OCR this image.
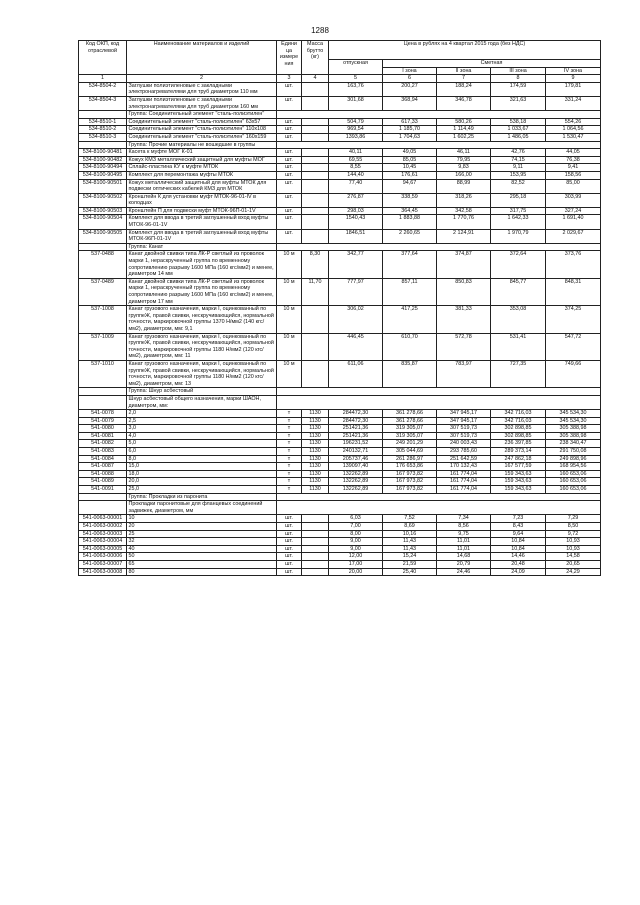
1288
Код ОКП, код отраслевой	Наименование материалов и изделий	Едини ца измере ния	Масса брутто (кг)	Цена в рублях на 4 квартал 2015 года (без НДС)				
				отпускная	Сметная			
					I зона	II зона	III зона	IV зона
1	2	3	4	5	6	7	8	9
534-8504-2	Заглушки полиэтиленовые с закладными электронагревателями для труб диаметром 110 мм	шт.		163,76	200,27	188,24	174,59	179,81
534-8504-3	Заглушки полиэтиленовые с закладными электронагревателями для труб диаметром 160 мм	шт.		301,68	368,94	346,78	321,63	331,24
	Группа: Соединительный элемент "сталь-полиэтилен"							
534-8510-1	Соединительный элемент "сталь-полиэтилен" 63х57	шт.		504,79	617,33	580,26	538,18	554,26
534-8510-2	Соединительный элемент "сталь-полиэтилен" 110х108	шт.		969,54	1 185,70	1 114,49	1 033,67	1 064,56
534-8510-3	Соединительный элемент "сталь-полиэтилен" 160х159	шт.		1393,86	1 704,63	1 602,25	1 486,05	1 530,47
	Группа: Прочие материалы не вошедшие в группы							
534-8100-90481	Касета к муфте МОГ К-01	шт.		40,11	49,05	46,11	42,76	44,05
534-8100-90482	Кожух КМЗ металлический защитный для муфты МОГ	шт.		69,55	85,05	79,95	74,15	76,38
534-8100-90494	Сплайс-пластина КУ к муфте МТОК	шт.		8,55	10,45	9,83	9,11	9,41
534-8100-90495	Комплект для перемонтажа муфты МТОК	шт.		144,40	176,61	166,00	153,95	158,56
534-8100-90501	Кожух металлический защитный для муфты МТОК для подвески оптических кабелей КМЗ для МТОК	шт.		77,40	94,67	88,99	82,52	85,00
534-8100-90502	Кронштейн К для установки муфт МТОК-96-01-IV в колодцах	шт.		276,87	338,59	318,26	295,18	303,99
534-8100-90503	Кронштейн П для подвески муфт МТОК-96П-01-1V	шт.		298,03	364,45	342,58	317,75	327,24
534-8100-90504	Комплект для ввода в третий заглушенный вход муфты МТОК-96-01-1V	шт.		1540,43	1 883,88	1 770,76	1 642,33	1 691,40
534-8100-90505	Комплект для ввода в третий заглушенный вход муфты МТОК-96П-01-1V	шт.		1846,51	2 260,65	2 124,91	1 970,79	2 029,67
	Группа: Канат							
537-0488	Канат двойной свивки типа ЛК-Р светлый из проволок марки 1, нераскрученный группа по временному сопротивлению разрыву 1600 МПа (160 кгс/мм2) и менее, диаметром 14 мм	10 м	8,30	342,77	377,64	374,87	372,64	373,76
537-0489	Канат двойной свивки типа ЛК-Р светлый из проволок марки 1, нераскрученный группа по временному сопротивлению разрыву 1600 МПа (160 кгс/мм2) и менее, диаметром 17 мм	10 м	11,70	777,97	857,11	850,83	845,77	848,31
537-1008	Канат грузового назначения, марки I, оцинкованный по группеЖ, правой свивки, нескручивающийся, нормальной точности, маркировочной группы 1370 Н/мм2 (140 кгс/мм2), диаметром, мм: 9,1	10 м		306,02	417,25	381,33	353,08	374,25
537-1009	Канат грузового назначения, марки I, оцинкованный по группеЖ, правой свивки, нескручивающийся, нормальной точности, маркировочной группы 1180 Н/мм2 (120 кгс/мм2), диаметром, мм: 11	10 м		446,45	610,70	572,78	531,41	547,72
537-1010	Канат грузового назначения, марки I, оцинкованный по группеЖ, правой свивки, нескручивающийся, нормальной точности, маркировочной группы 1180 Н/мм2 (120 кгс/мм2), диаметром, мм: 13	10 м		611,06	835,87	783,97	727,35	749,66
	Группа: Шнур асбестовый							
	Шнур асбестовый общего назначения, марки ШАОН, диаметром, мм:							
541-0078	2,0	т	1130	284472,30	361 278,66	347 945,17	342 716,03	345 534,30
541-0079	2,5	т	1130	284472,30	361 278,66	347 945,17	342 716,03	345 534,30
541-0080	3,0	т	1130	251421,36	319 305,07	307 519,73	302 898,85	305 388,98
541-0081	4,0	т	1130	251421,36	319 305,07	307 519,73	302 898,85	305 388,98
541-0082	5,0	т	1130	196231,52	249 201,29	240 003,43	236 397,85	238 340,47
541-0083	6,0	т	1130	240132,71	305 044,69	293 785,60	289 373,14	291 750,08
541-0084	8,0	т	1130	205737,46	261 286,97	251 642,59	247 862,18	249 898,96
541-0087	15,0	т	1130	139097,40	176 653,86	170 132,43	167 577,59	168 954,56
541-0088	18,0	т	1130	132262,89	167 973,82	161 774,04	159 343,63	160 653,06
541-0089	20,0	т	1130	132262,89	167 973,82	161 774,04	159 343,63	160 653,06
541-0091	25,0	т	1130	132262,89	167 973,82	161 774,04	159 343,63	160 653,06
	Группа: Прокладки из паронита							
	Прокладки паронитовые для фланцевых соединений задвижек, диаметром, мм							
541-0063-00001	10	шт.		6,03	7,52	7,34	7,23	7,29
541-0063-00002	20	шт.		7,00	8,69	8,56	8,43	8,50
541-0063-00003	25	шт.		8,00	10,16	9,75	9,64	9,72
541-0063-00004	32	шт.		9,00	11,43	11,01	10,84	10,93
541-0063-00005	40	шт.		9,00	11,43	11,01	10,84	10,93
541-0063-00006	50	шт.		12,00	15,24	14,68	14,46	14,58
541-0063-00007	65	шт.		17,00	21,59	20,79	20,48	20,65
541-0063-00008	80	шт.		20,00	25,40	24,46	24,09	24,29
